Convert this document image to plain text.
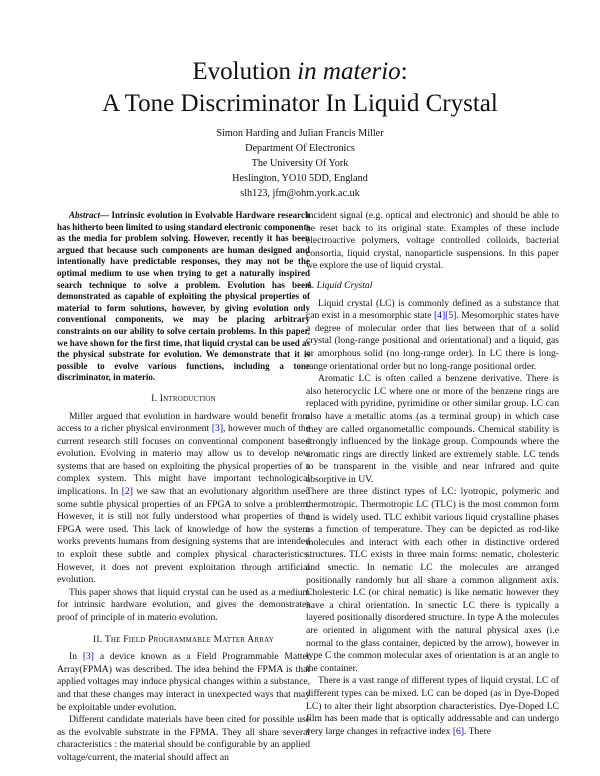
Evolution in materio:
A Tone Discriminator In Liquid Crystal
Simon Harding and Julian Francis Miller
Department Of Electronics
The University Of York
Heslington, YO10 5DD, England
slh123, jfm@ohm.york.ac.uk

Abstract— Intrinsic evolution in Evolvable Hardware research has hitherto been limited to using standard electronic components as the media for problem solving. However, recently it has been argued that because such components are human designed and intentionally have predictable responses, they may not be the optimal medium to use when trying to get a naturally inspired search technique to solve a problem. Evolution has been demonstrated as capable of exploiting the physical properties of material to form solutions, however, by giving evolution only conventional components, we may be placing arbitrary constraints on our ability to solve certain problems. In this paper, we have shown for the first time, that liquid crystal can be used as the physical substrate for evolution. We demonstrate that it is possible to evolve various functions, including a tone discriminator, in materio.

I. Introduction

Miller argued that evolution in hardware would benefit from access to a richer physical environment [3], however much of the current research still focuses on conventional component based evolution. Evolving in materio may allow us to develop new systems that are based on exploiting the physical properties of a complex system. This might have important technological implications. In [2] we saw that an evolutionary algorithm used some subtle physical properties of an FPGA to solve a problem. However, it is still not fully understood what properties of the FPGA were used. This lack of knowledge of how the system works prevents humans from designing systems that are intended to exploit these subtle and complex physical characteristics. However, it does not prevent exploitation through artificial evolution.

This paper shows that liquid crystal can be used as a medium for intrinsic hardware evolution, and gives the demonstrates proof of principle of in materio evolution.

II. The Field Programmable Matter Array

In [3] a device known as a Field Programmable Matter Array(FPMA) was described. The idea behind the FPMA is that applied voltages may induce physical changes within a substance, and that these changes may interact in unexpected ways that may be exploitable under evolution.

Different candidate materials have been cited for possible use as the evolvable substrate in the FPMA. They all share several characteristics : the material should be configurable by an applied voltage/current, the material should affect an

incident signal (e.g. optical and electronic) and should be able to be reset back to its original state. Examples of these include electroactive polymers, voltage controlled colloids, bacterial consortia, liquid crystal, nanoparticle suspensions. In this paper we explore the use of liquid crystal.

A. Liquid Crystal

Liquid crystal (LC) is commonly defined as a substance that can exist in a mesomorphic state [4][5]. Mesomorphic states have a degree of molecular order that lies between that of a solid crystal (long-range positional and orientational) and a liquid, gas or amorphous solid (no long-range order). In LC there is long-range orientational order but no long-range positional order.

Aromatic LC is often called a benzene derivative. There is also heterocyclic LC where one or more of the benzene rings are replaced with pyridine, pyrimidine or other similar group. LC can also have a metallic atoms (as a terminal group) in which case they are called organometallic compounds. Chemical stability is strongly influenced by the linkage group. Compounds where the aromatic rings are directly linked are extremely stable. LC tends to be transparent in the visible and near infrared and quite absorptive in UV.

There are three distinct types of LC: lyotropic, polymeric and thermotropic. Thermotropic LC (TLC) is the most common form and is widely used. TLC exhibit various liquid crystalline phases as a function of temperature. They can be depicted as rod-like molecules and interact with each other in distinctive ordered structures. TLC exists in three main forms: nematic, cholesteric and smectic. In nematic LC the molecules are arranged positionally randomly but all share a common alignment axis. Cholesteric LC (or chiral nematic) is like nematic however they have a chiral orientation. In smectic LC there is typically a layered positionally disordered structure. In type A the molecules are oriented in alignment with the natural physical axes (i.e normal to the glass container, depicted by the arrow), however in type C the common molecular axes of orientation is at an angle to the container.

There is a vast range of different types of liquid crystal. LC of different types can be mixed. LC can be doped (as in Dye-Doped LC) to alter their light absorption characteristics. Dye-Doped LC film has been made that is optically addressable and can undergo very large changes in refractive index [6]. There
